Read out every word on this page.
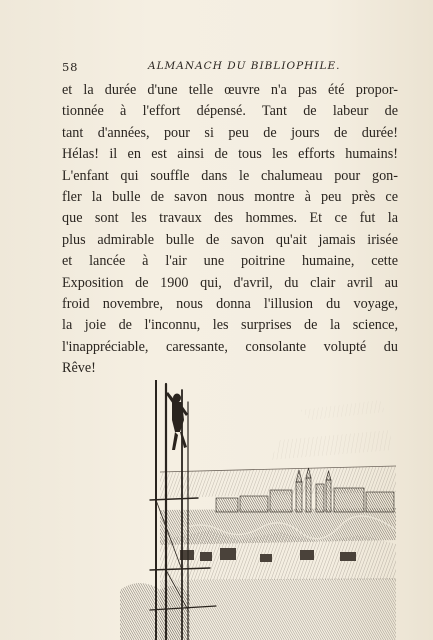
58	ALMANACH DU BIBLIOPHILE.
et la durée d'une telle œuvre n'a pas été propor-
tionnée à l'effort dépensé. Tant de labeur de
tant d'années, pour si peu de jours de durée!
Hélas! il en est ainsi de tous les efforts humains!
L'enfant qui souffle dans le chalumeau pour gon-
fler la bulle de savon nous montre à peu près ce
que sont les travaux des hommes. Et ce fut la
plus admirable bulle de savon qu'ait jamais irisée
et lancée à l'air une poitrine humaine, cette
Exposition de 1900 qui, d'avril, du clair avril au
froid novembre, nous donna l'illusion du voyage,
la joie de l'inconnu, les surprises de la science,
l'inappréciable, caressante, consolante volupté du
Rêve!
